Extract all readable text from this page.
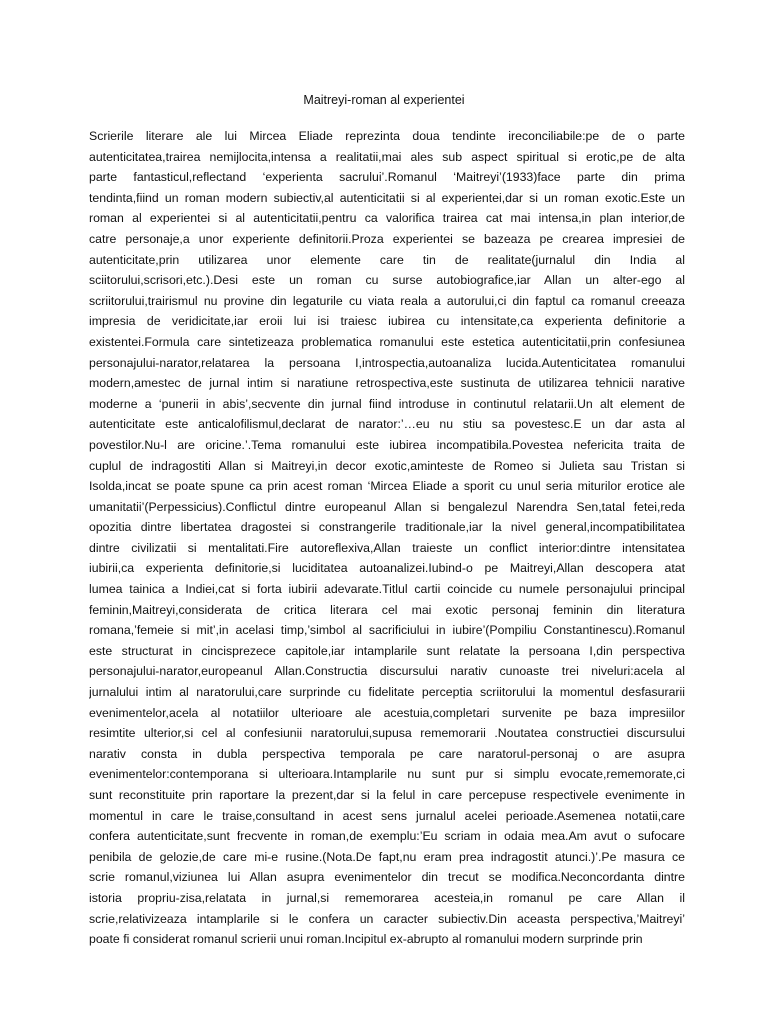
Maitreyi-roman al experientei
Scrierile literare ale lui Mircea Eliade reprezinta doua tendinte ireconciliabile:pe de o parte
autenticitatea,trairea nemijlocita,intensa a realitatii,mai ales sub aspect spiritual si erotic,pe de alta
parte fantasticul,reflectand ‘experienta sacrului’.Romanul ‘Maitreyi’(1933)face parte din prima
tendinta,fiind un roman modern subiectiv,al autenticitatii si al experientei,dar si un roman exotic.Este un
roman al experientei si al autenticitatii,pentru ca valorifica trairea cat mai intensa,in plan interior,de
catre personaje,a unor experiente definitorii.Proza experientei se bazeaza pe crearea impresiei de
autenticitate,prin utilizarea unor elemente care tin de realitate(jurnalul din India al
sciitorului,scrisori,etc.).Desi este un roman cu surse autobiografice,iar Allan un alter-ego al
scriitorului,trairismul nu provine din legaturile cu viata reala a autorului,ci din faptul ca romanul creeaza
impresia de veridicitate,iar eroii lui isi traiesc iubirea cu intensitate,ca experienta definitorie a
existentei.Formula care sintetizeaza problematica romanului este estetica autenticitatii,prin confesiunea
personajului-narator,relatarea la persoana I,introspectia,autoanaliza lucida.Autenticitatea romanului
modern,amestec de jurnal intim si naratiune retrospectiva,este sustinuta de utilizarea tehnicii narative
moderne a ‘punerii in abis’,secvente din jurnal fiind introduse in continutul relatarii.Un alt element de
autenticitate este anticalofilismul,declarat de narator:’…eu nu stiu sa povestesc.E un dar asta al
povestilor.Nu-l are oricine.’.Tema romanului este iubirea incompatibila.Povestea nefericita traita de
cuplul de indragostiti Allan si Maitreyi,in decor exotic,aminteste de Romeo si Julieta sau Tristan si
Isolda,incat se poate spune ca prin acest roman ‘Mircea Eliade a sporit cu unul seria miturilor erotice ale
umanitatii’(Perpessicius).Conflictul dintre europeanul Allan si bengalezul Narendra Sen,tatal fetei,reda
opozitia dintre libertatea dragostei si constrangerile traditionale,iar la nivel general,incompatibilitatea
dintre civilizatii si mentalitati.Fire autoreflexiva,Allan traieste un conflict interior:dintre intensitatea
iubirii,ca experienta definitorie,si luciditatea autoanalizei.Iubind-o pe Maitreyi,Allan descopera atat
lumea tainica a Indiei,cat si forta iubirii adevarate.Titlul cartii coincide cu numele personajului principal
feminin,Maitreyi,considerata de critica literara cel mai exotic personaj feminin din literatura
romana,’femeie si mit’,in acelasi timp,’simbol al sacrificiului in iubire’(Pompiliu Constantinescu).Romanul
este structurat in cincisprezece capitole,iar intamplarile sunt relatate la persoana I,din perspectiva
personajului-narator,europeanul Allan.Constructia discursului narativ cunoaste trei niveluri:acela al
jurnalului intim al naratorului,care surprinde cu fidelitate perceptia scriitorului la momentul desfasurarii
evenimentelor,acela al notatiilor ulterioare ale acestuia,completari survenite pe baza impresiilor
resimtite ulterior,si cel al confesiunii naratorului,supusa rememorarii .Noutatea constructiei discursului
narativ consta in dubla perspectiva temporala pe care naratorul-personaj o are asupra
evenimentelor:contemporana si ulterioara.Intamplarile nu sunt pur si simplu evocate,rememorate,ci
sunt reconstituite prin raportare la prezent,dar si la felul in care percepuse respectivele evenimente in
momentul in care le traise,consultand in acest sens jurnalul acelei perioade.Asemenea notatii,care
confera autenticitate,sunt frecvente in roman,de exemplu:’Eu scriam in odaia mea.Am avut o sufocare
penibila de gelozie,de care mi-e rusine.(Nota.De fapt,nu eram prea indragostit atunci.)’.Pe masura ce
scrie romanul,viziunea lui Allan asupra evenimentelor din trecut se modifica.Neconcordanta dintre
istoria propriu-zisa,relatata in jurnal,si rememorarea acesteia,in romanul pe care Allan il
scrie,relativizeaza intamplarile si le confera un caracter subiectiv.Din aceasta perspectiva,’Maitreyi’
poate fi considerat romanul scrierii unui roman.Incipitul ex-abrupto al romanului modern surprinde prin
